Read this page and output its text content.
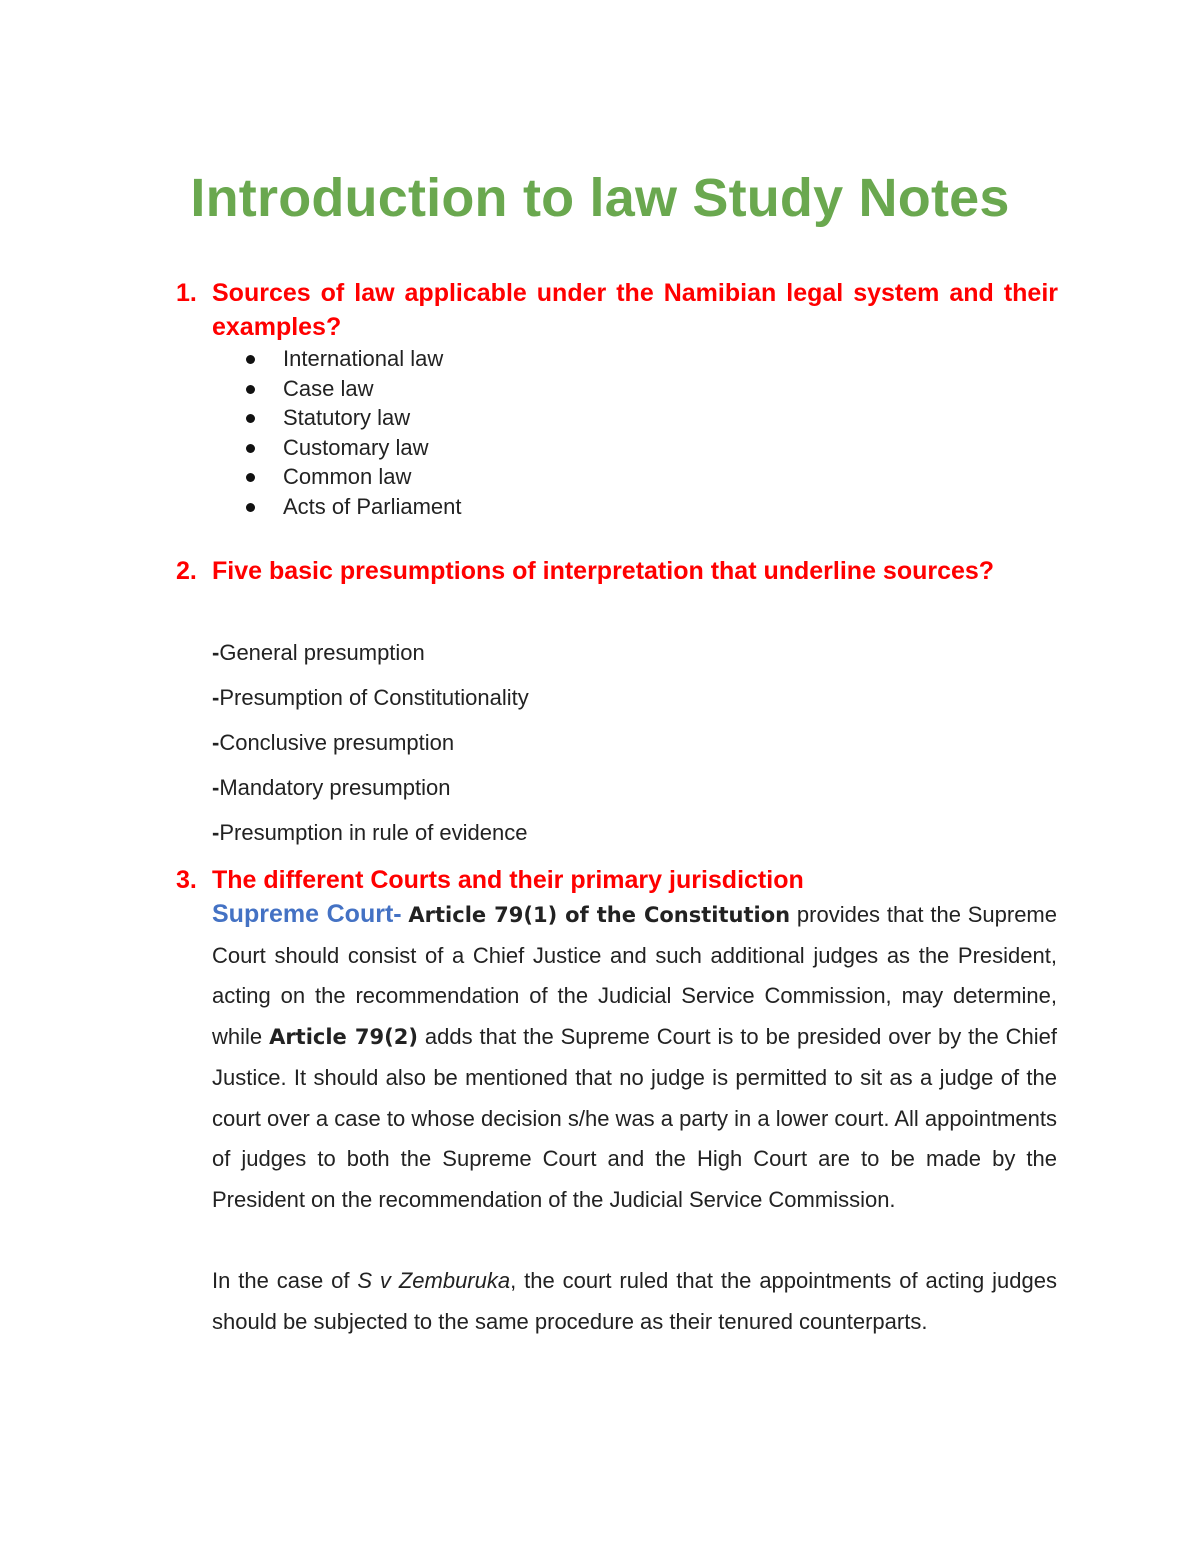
Introduction to law Study Notes
1. Sources of law applicable under the Namibian legal system and their examples?
International law
Case law
Statutory law
Customary law
Common law
Acts of Parliament
2. Five basic presumptions of interpretation that underline sources?
-General presumption
-Presumption of Constitutionality
-Conclusive presumption
-Mandatory presumption
-Presumption in rule of evidence
3. The different Courts and their primary jurisdiction
Supreme Court- Article 79(1) of the Constitution provides that the Supreme Court should consist of a Chief Justice and such additional judges as the President, acting on the recommendation of the Judicial Service Commission, may determine, while Article 79(2) adds that the Supreme Court is to be presided over by the Chief Justice. It should also be mentioned that no judge is permitted to sit as a judge of the court over a case to whose decision s/he was a party in a lower court. All appointments of judges to both the Supreme Court and the High Court are to be made by the President on the recommendation of the Judicial Service Commission.
In the case of S v Zemburuka, the court ruled that the appointments of acting judges should be subjected to the same procedure as their tenured counterparts.
